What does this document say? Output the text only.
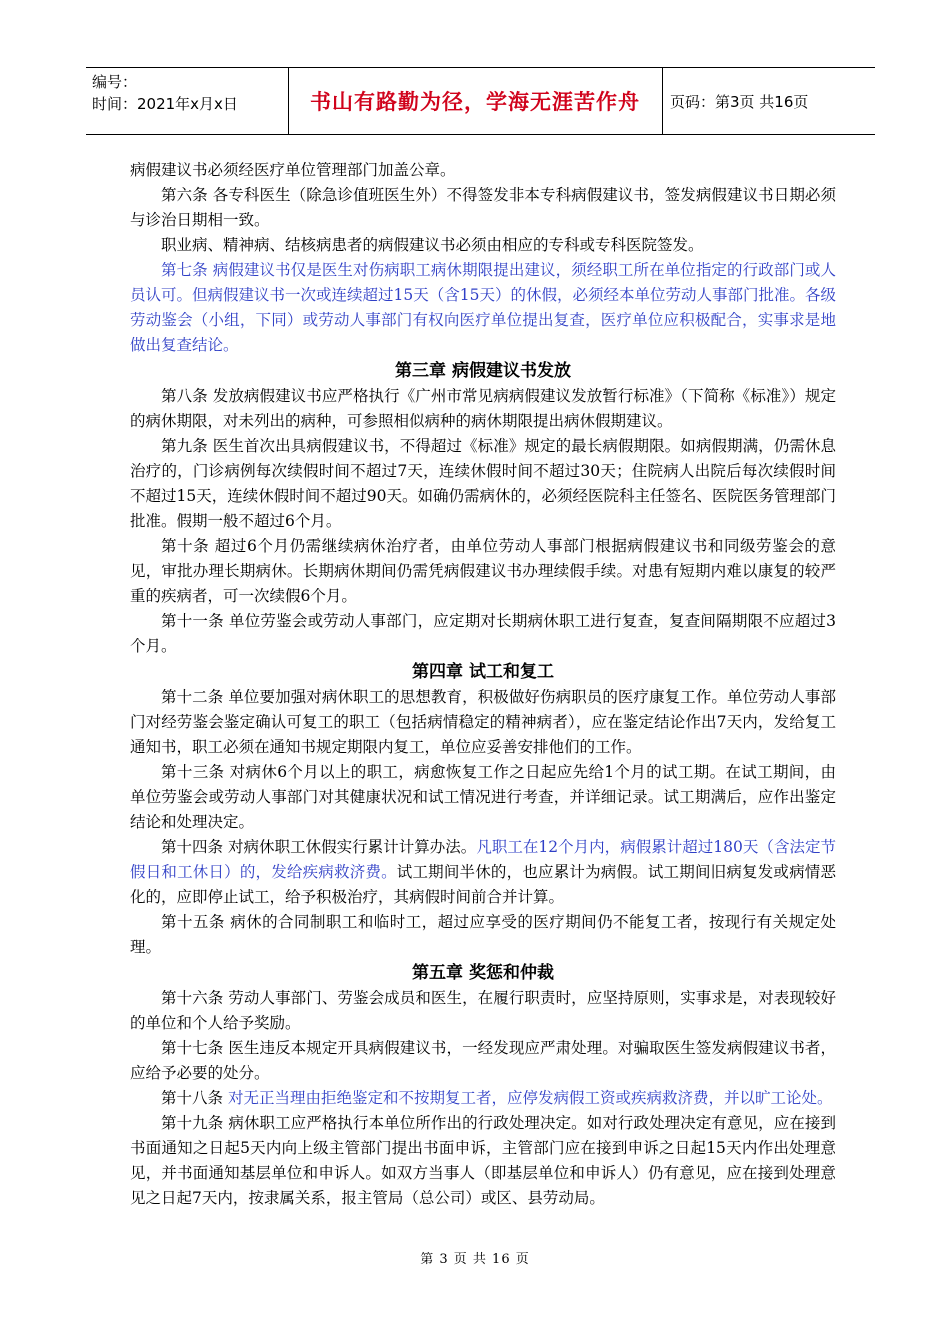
编号：
时间：2021年x月x日	书山有路勤为径，学海无涯苦作舟	页码：第3页 共16页

病假建议书必须经医疗单位管理部门加盖公章。

第六条 各专科医生（除急诊值班医生外）不得签发非本专科病假建议书，签发病假建议书日期必须与诊治日期相一致。

职业病、精神病、结核病患者的病假建议书必须由相应的专科或专科医院签发。

第七条 病假建议书仅是医生对伤病职工病休期限提出建议，须经职工所在单位指定的行政部门或人员认可。但病假建议书一次或连续超过15天（含15天）的休假，必须经本单位劳动人事部门批准。各级劳动鉴会（小组，下同）或劳动人事部门有权向医疗单位提出复查，医疗单位应积极配合，实事求是地做出复查结论。

第三章 病假建议书发放

第八条 发放病假建议书应严格执行《广州市常见病病假建议发放暂行标准》（下简称《标准》）规定的病休期限，对未列出的病种，可参照相似病种的病休期限提出病休假期建议。

第九条 医生首次出具病假建议书，不得超过《标准》规定的最长病假期限。如病假期满，仍需休息治疗的，门诊病例每次续假时间不超过7天，连续休假时间不超过30天；住院病人出院后每次续假时间不超过15天，连续休假时间不超过90天。如确仍需病休的，必须经医院科主任签名、医院医务管理部门批准。假期一般不超过6个月。

第十条 超过6个月仍需继续病休治疗者，由单位劳动人事部门根据病假建议书和同级劳鉴会的意见，审批办理长期病休。长期病休期间仍需凭病假建议书办理续假手续。对患有短期内难以康复的较严重的疾病者，可一次续假6个月。

第十一条 单位劳鉴会或劳动人事部门，应定期对长期病休职工进行复查，复查间隔期限不应超过3个月。

第四章 试工和复工

第十二条 单位要加强对病休职工的思想教育，积极做好伤病职员的医疗康复工作。单位劳动人事部门对经劳鉴会鉴定确认可复工的职工（包括病情稳定的精神病者），应在鉴定结论作出7天内，发给复工通知书，职工必须在通知书规定期限内复工，单位应妥善安排他们的工作。

第十三条 对病休6个月以上的职工，病愈恢复工作之日起应先给1个月的试工期。在试工期间，由单位劳鉴会或劳动人事部门对其健康状况和试工情况进行考查，并详细记录。试工期满后，应作出鉴定结论和处理决定。

第十四条 对病休职工休假实行累计计算办法。凡职工在12个月内，病假累计超过180天（含法定节假日和工休日）的，发给疾病救济费。试工期间半休的，也应累计为病假。试工期间旧病复发或病情恶化的，应即停止试工，给予积极治疗，其病假时间前合并计算。

第十五条 病休的合同制职工和临时工，超过应享受的医疗期间仍不能复工者，按现行有关规定处理。

第五章 奖惩和仲裁

第十六条 劳动人事部门、劳鉴会成员和医生，在履行职责时，应坚持原则，实事求是，对表现较好的单位和个人给予奖励。

第十七条 医生违反本规定开具病假建议书，一经发现应严肃处理。对骗取医生签发病假建议书者，应给予必要的处分。

第十八条 对无正当理由拒绝鉴定和不按期复工者，应停发病假工资或疾病救济费，并以旷工论处。

第十九条 病休职工应严格执行本单位所作出的行政处理决定。如对行政处理决定有意见，应在接到书面通知之日起5天内向上级主管部门提出书面申诉，主管部门应在接到申诉之日起15天内作出处理意见，并书面通知基层单位和申诉人。如双方当事人（即基层单位和申诉人）仍有意见，应在接到处理意见之日起7天内，按隶属关系，报主管局（总公司）或区、县劳动局。

第 3 页 共 16 页
